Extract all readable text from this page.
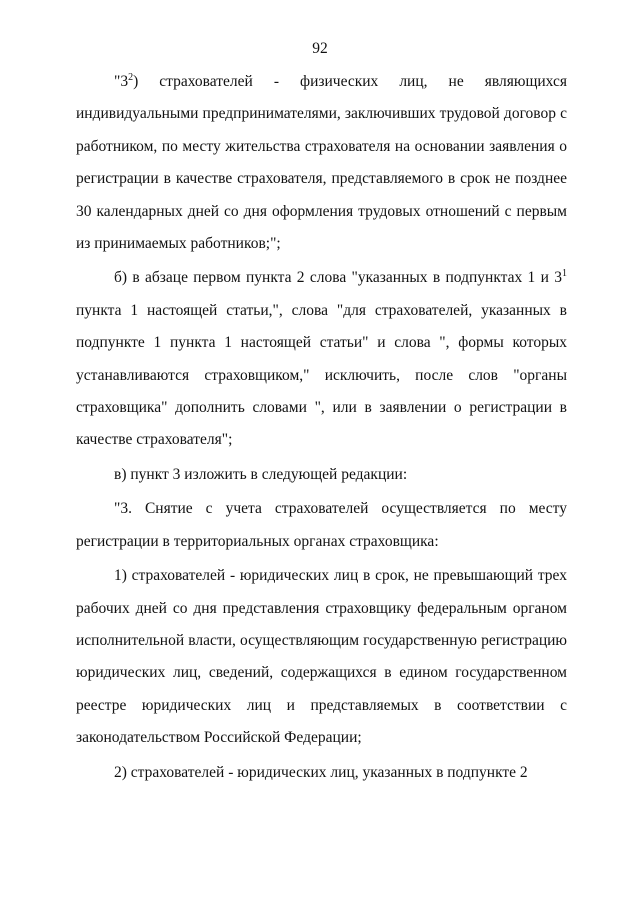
92

"$3^2$) страхователей - физических лиц, не являющихся индивидуальными предпринимателями, заключивших трудовой договор с работником, по месту жительства страхователя на основании заявления о регистрации в качестве страхователя, представляемого в срок не позднее 30 календарных дней со дня оформления трудовых отношений с первым из принимаемых работников;";

б) в абзаце первом пункта 2 слова "указанных в подпунктах 1 и $3^1$ пункта 1 настоящей статьи,", слова "для страхователей, указанных в подпункте 1 пункта 1 настоящей статьи" и слова ", формы которых устанавливаются страховщиком," исключить, после слов "органы страховщика" дополнить словами ", или в заявлении о регистрации в качестве страхователя";

в) пункт 3 изложить в следующей редакции:

"3. Снятие с учета страхователей осуществляется по месту регистрации в территориальных органах страховщика:

1) страхователей - юридических лиц в срок, не превышающий трех рабочих дней со дня представления страховщику федеральным органом исполнительной власти, осуществляющим государственную регистрацию юридических лиц, сведений, содержащихся в едином государственном реестре юридических лиц и представляемых в соответствии с законодательством Российской Федерации;

2) страхователей - юридических лиц, указанных в подпункте 2
